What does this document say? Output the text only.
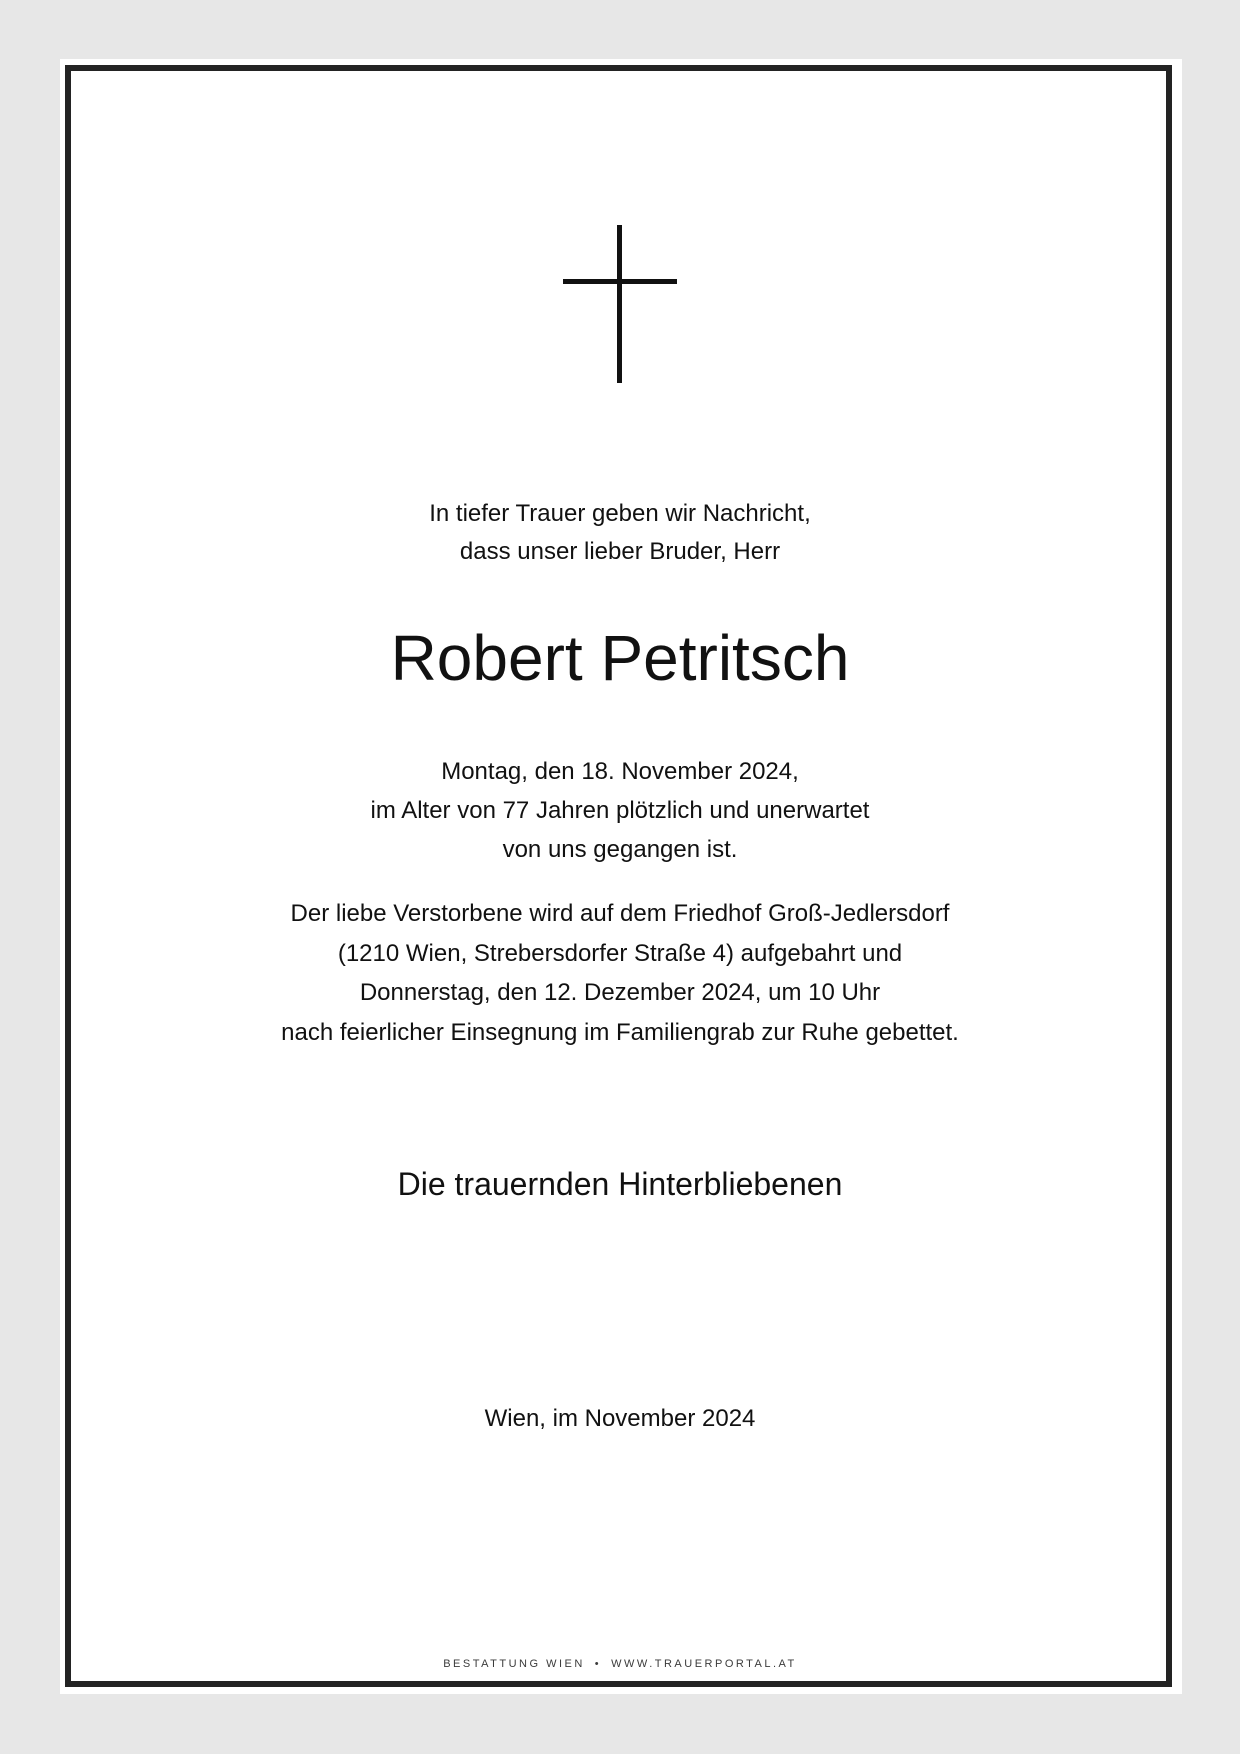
In tiefer Trauer geben wir Nachricht,
dass unser lieber Bruder, Herr
Robert Petritsch
Montag, den 18. November 2024,
im Alter von 77 Jahren plötzlich und unerwartet
von uns gegangen ist.
Der liebe Verstorbene wird auf dem Friedhof Groß-Jedlersdorf
(1210 Wien, Strebersdorfer Straße 4) aufgebahrt und
Donnerstag, den 12. Dezember 2024, um 10 Uhr
nach feierlicher Einsegnung im Familiengrab zur Ruhe gebettet.
Die trauernden Hinterbliebenen
Wien, im November 2024
BESTATTUNG WIEN • WWW.TRAUERPORTAL.AT
